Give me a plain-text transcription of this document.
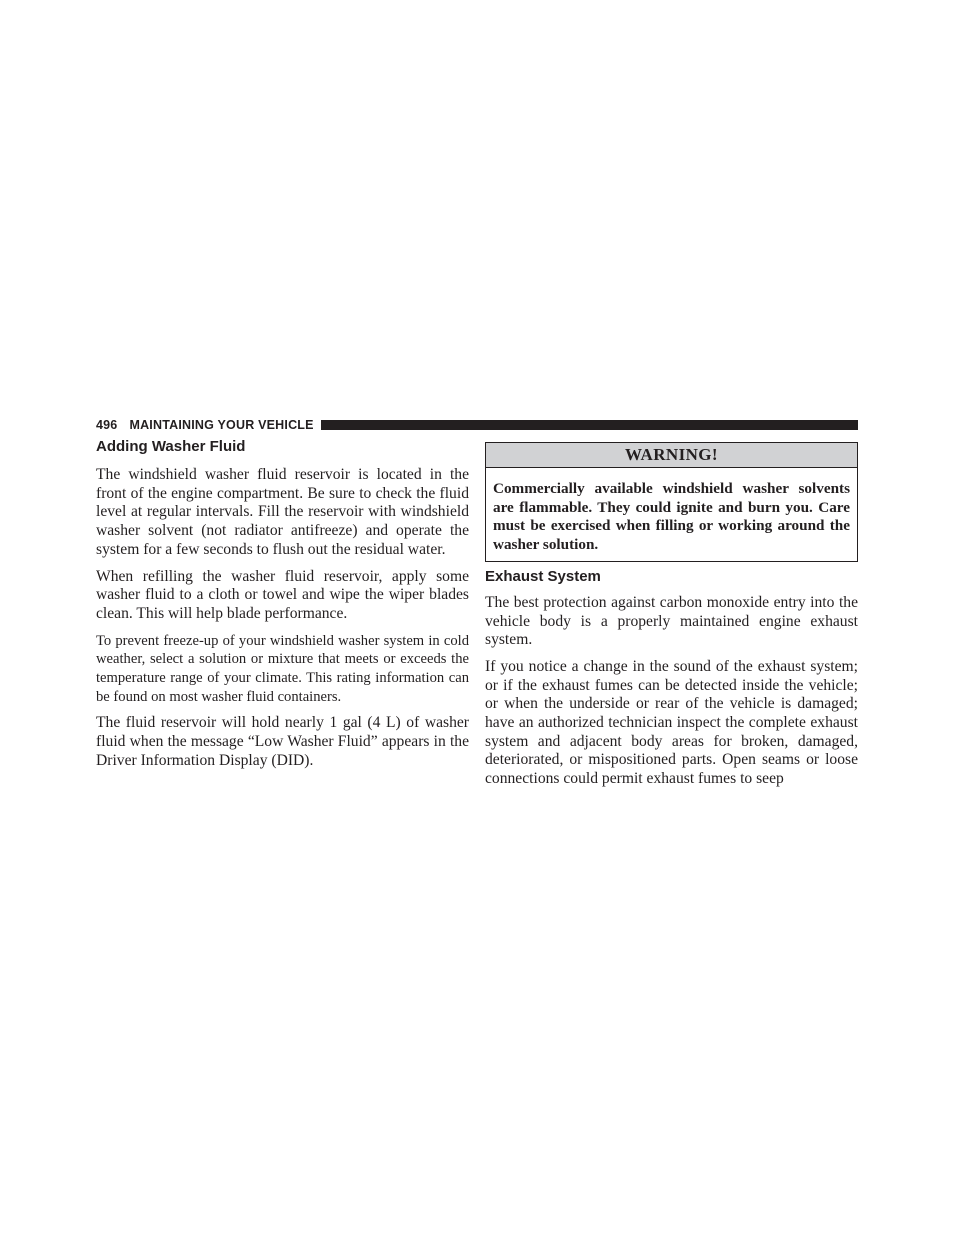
496 MAINTAINING YOUR VEHICLE
Adding Washer Fluid

The windshield washer fluid reservoir is located in the front of the engine compartment. Be sure to check the fluid level at regular intervals. Fill the reservoir with windshield washer solvent (not radiator antifreeze) and operate the system for a few seconds to flush out the residual water.

When refilling the washer fluid reservoir, apply some washer fluid to a cloth or towel and wipe the wiper blades clean. This will help blade performance.

To prevent freeze-up of your windshield washer system in cold weather, select a solution or mixture that meets or exceeds the temperature range of your climate. This rating information can be found on most washer fluid containers.

The fluid reservoir will hold nearly 1 gal (4 L) of washer fluid when the message “Low Washer Fluid” appears in the Driver Information Display (DID).

WARNING!
Commercially available windshield washer solvents are flammable. They could ignite and burn you. Care must be exercised when filling or working around the washer solution.
Exhaust System

The best protection against carbon monoxide entry into the vehicle body is a properly maintained engine exhaust system.

If you notice a change in the sound of the exhaust system; or if the exhaust fumes can be detected inside the vehicle; or when the underside or rear of the vehicle is damaged; have an authorized technician inspect the complete exhaust system and adjacent body areas for broken, damaged, deteriorated, or mispositioned parts. Open seams or loose connections could permit exhaust fumes to seep
